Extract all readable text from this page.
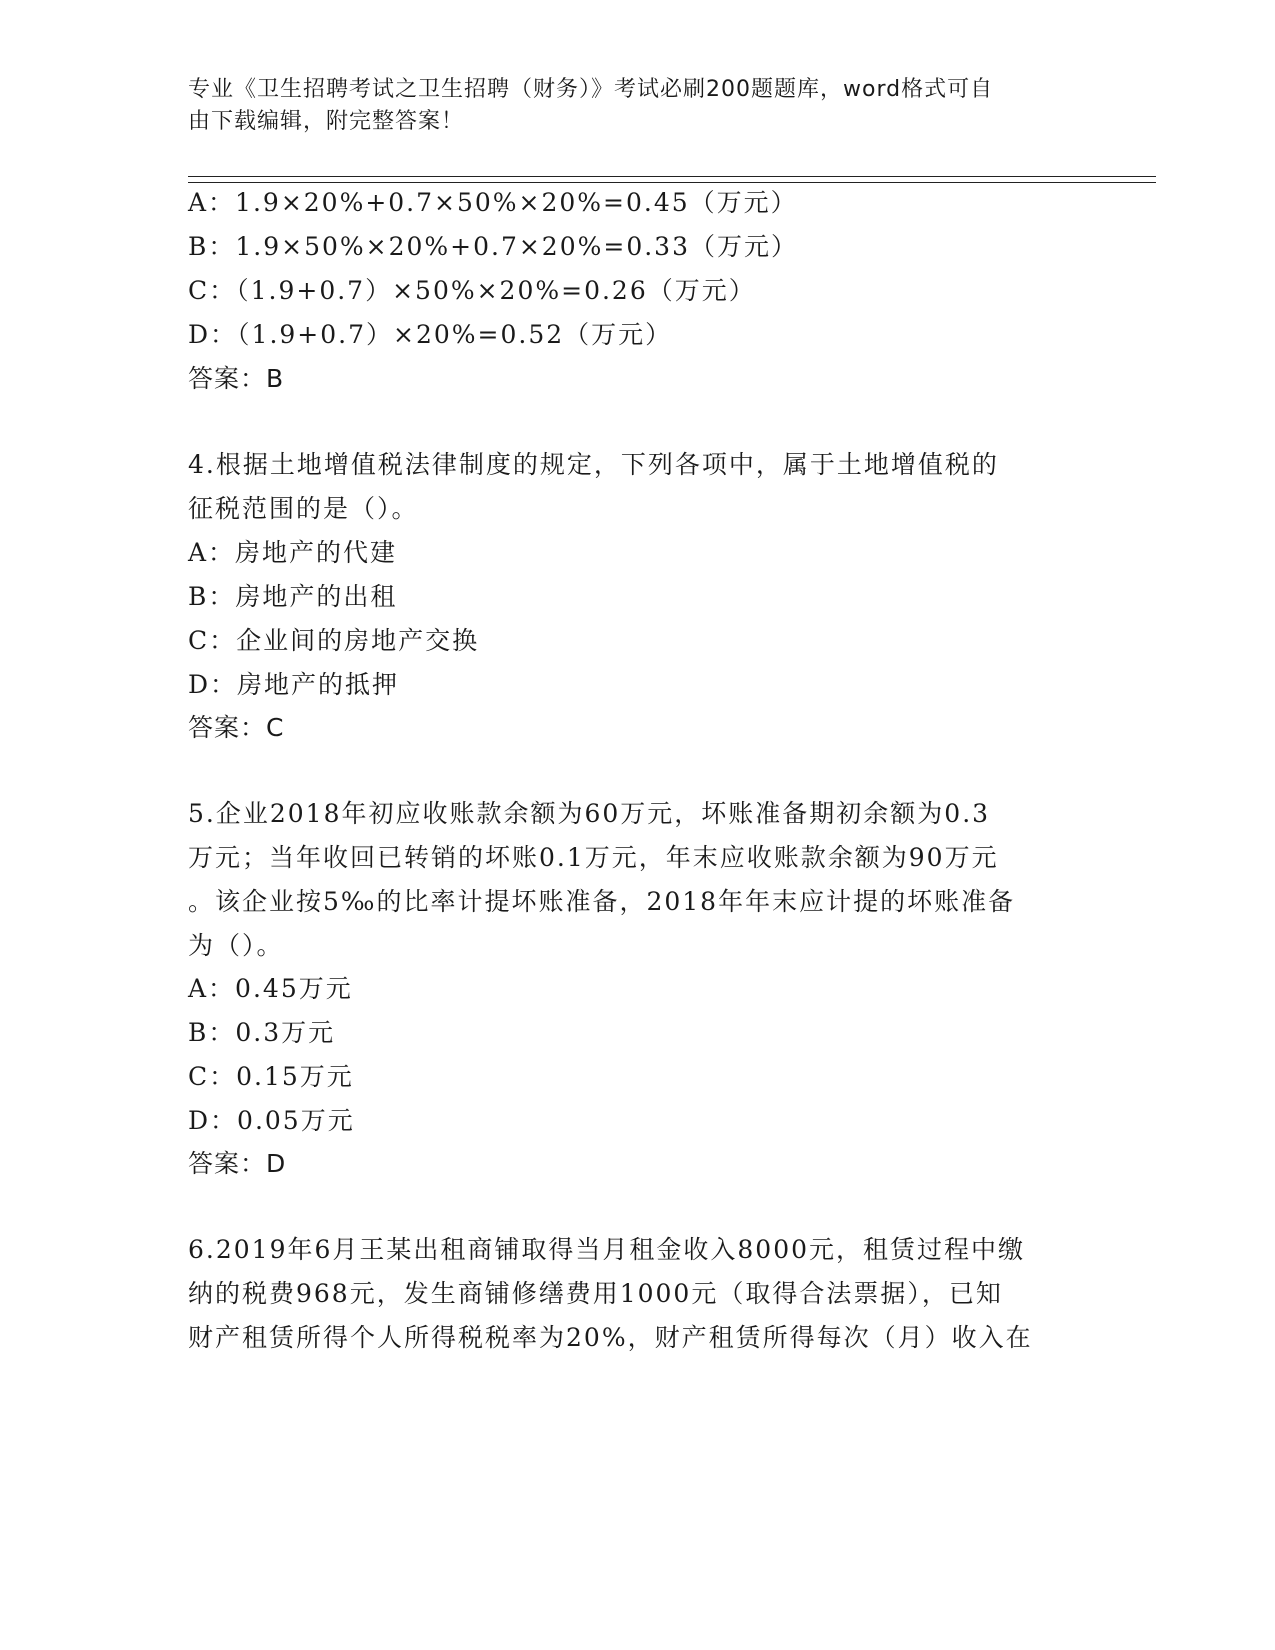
专业《卫生招聘考试之卫生招聘（财务）》考试必刷200题题库，word格式可自
由下载编辑，附完整答案！
A：1.9×20%+0.7×50%×20%=0.45（万元）
B：1.9×50%×20%+0.7×20%=0.33（万元）
C：（1.9+0.7）×50%×20%=0.26（万元）
D：（1.9+0.7）×20%=0.52（万元）
答案：B
4.根据土地增值税法律制度的规定，下列各项中，属于土地增值税的
征税范围的是（）。
A：房地产的代建
B：房地产的出租
C：企业间的房地产交换
D：房地产的抵押
答案：C
5.企业2018年初应收账款余额为60万元，坏账准备期初余额为0.3
万元；当年收回已转销的坏账0.1万元，年末应收账款余额为90万元
。该企业按5‰的比率计提坏账准备，2018年年末应计提的坏账准备
为（）。
A：0.45万元
B：0.3万元
C：0.15万元
D：0.05万元
答案：D
6.2019年6月王某出租商铺取得当月租金收入8000元，租赁过程中缴
纳的税费968元，发生商铺修缮费用1000元（取得合法票据），已知
财产租赁所得个人所得税税率为20%，财产租赁所得每次（月）收入在
